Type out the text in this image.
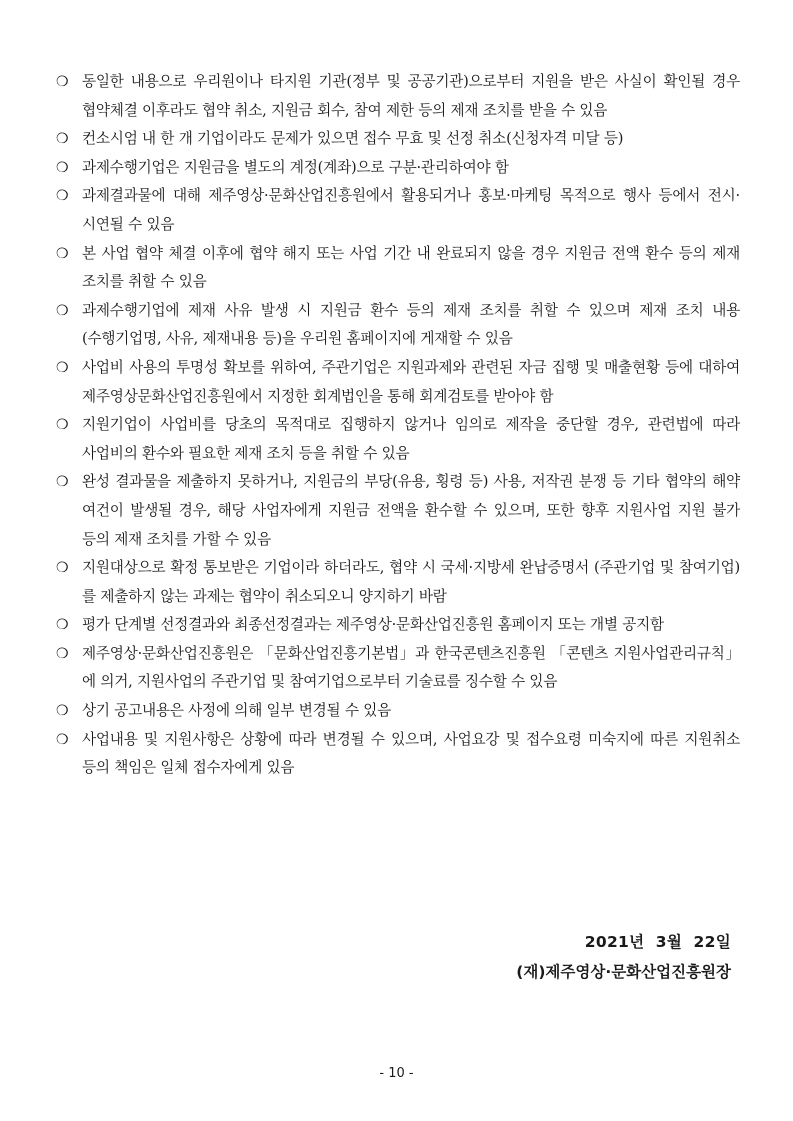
❍ 동일한 내용으로 우리원이나 타지원 기관(정부 및 공공기관)으로부터 지원을 받은 사실이 확인될 경우 협약체결 이후라도 협약 취소, 지원금 회수, 참여 제한 등의 제재 조치를 받을 수 있음
❍ 컨소시엄 내 한 개 기업이라도 문제가 있으면 접수 무효 및 선정 취소(신청자격 미달 등)
❍ 과제수행기업은 지원금을 별도의 계정(계좌)으로 구분·관리하여야 함
❍ 과제결과물에 대해 제주영상·문화산업진흥원에서 활용되거나 홍보·마케팅 목적으로 행사 등에서 전시·시연될 수 있음
❍ 본 사업 협약 체결 이후에 협약 해지 또는 사업 기간 내 완료되지 않을 경우 지원금 전액 환수 등의 제재 조치를 취할 수 있음
❍ 과제수행기업에 제재 사유 발생 시 지원금 환수 등의 제재 조치를 취할 수 있으며 제재 조치 내용(수행기업명, 사유, 제재내용 등)을 우리원 홈페이지에 게재할 수 있음
❍ 사업비 사용의 투명성 확보를 위하여, 주관기업은 지원과제와 관련된 자금 집행 및 매출현황 등에 대하여 제주영상문화산업진흥원에서 지정한 회계법인을 통해 회계검토를 받아야 함
❍ 지원기업이 사업비를 당초의 목적대로 집행하지 않거나 임의로 제작을 중단할 경우, 관련법에 따라 사업비의 환수와 필요한 제재 조치 등을 취할 수 있음
❍ 완성 결과물을 제출하지 못하거나, 지원금의 부당(유용, 횡령 등) 사용, 저작권 분쟁 등 기타 협약의 해약 여건이 발생될 경우, 해당 사업자에게 지원금 전액을 환수할 수 있으며, 또한 향후 지원사업 지원 불가 등의 제재 조치를 가할 수 있음
❍ 지원대상으로 확정 통보받은 기업이라 하더라도, 협약 시 국세·지방세 완납증명서 (주관기업 및 참여기업)를 제출하지 않는 과제는 협약이 취소되오니 양지하기 바람
❍ 평가 단계별 선정결과와 최종선정결과는 제주영상·문화산업진흥원 홈페이지 또는 개별 공지함
❍ 제주영상·문화산업진흥원은 「문화산업진흥기본법」과 한국콘텐츠진흥원 「콘텐츠 지원사업관리규칙」에 의거, 지원사업의 주관기업 및 참여기업으로부터 기술료를 징수할 수 있음
❍ 상기 공고내용은 사정에 의해 일부 변경될 수 있음
❍ 사업내용 및 지원사항은 상황에 따라 변경될 수 있으며, 사업요강 및 접수요령 미숙지에 따른 지원취소 등의 책임은 일체 접수자에게 있음
2021년  3월  22일
(재)제주영상·문화산업진흥원장
- 10 -
